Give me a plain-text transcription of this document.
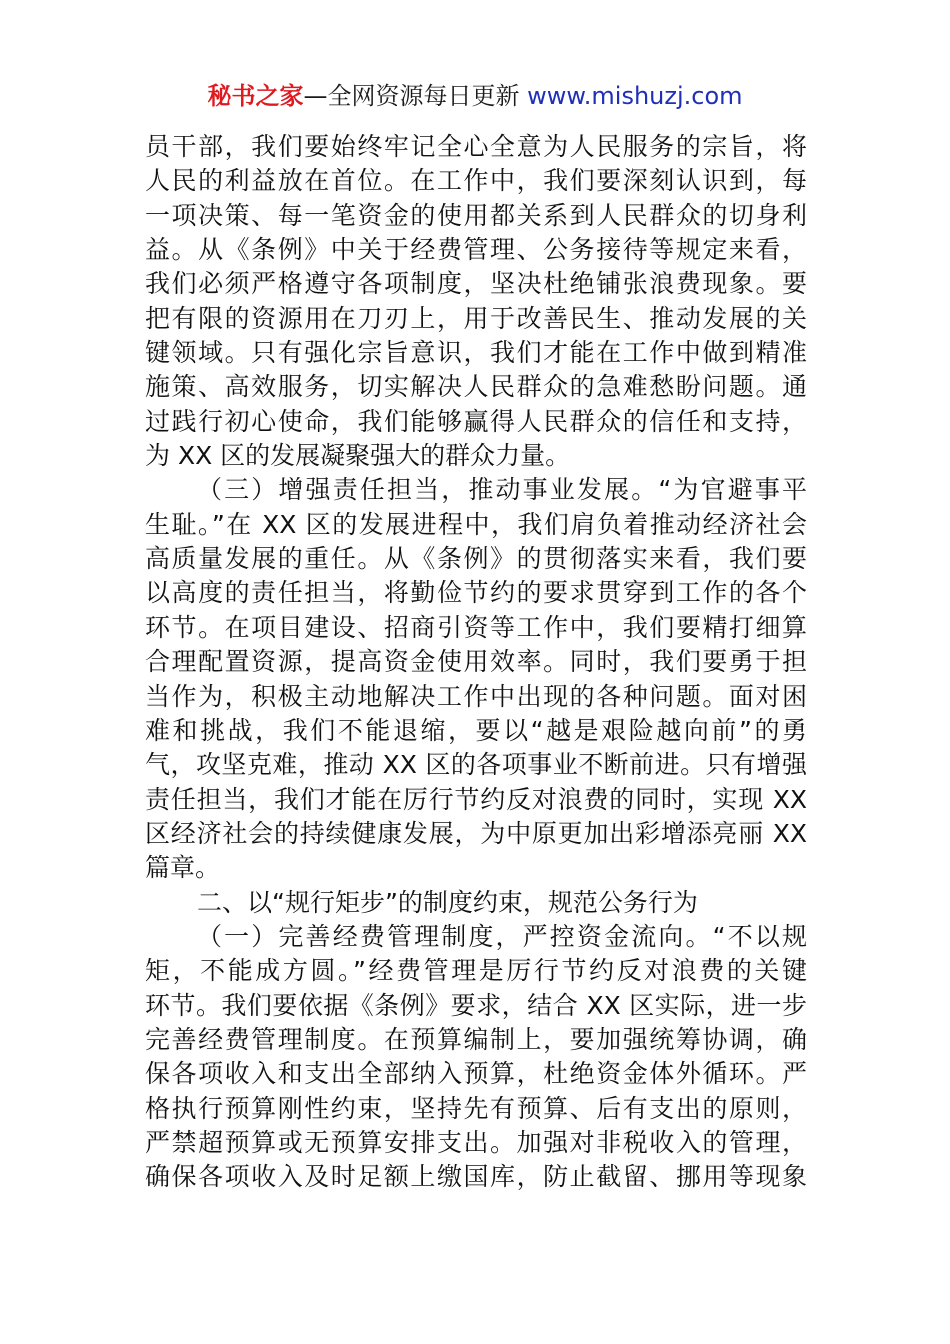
秘书之家—全网资源每日更新 www.mishuzj.com
员干部，我们要始终牢记全心全意为人民服务的宗旨，将
人民的利益放在首位。在工作中，我们要深刻认识到，每
一项决策、每一笔资金的使用都关系到人民群众的切身利
益。从《条例》中关于经费管理、公务接待等规定来看，
我们必须严格遵守各项制度，坚决杜绝铺张浪费现象。要
把有限的资源用在刀刃上，用于改善民生、推动发展的关
键领域。只有强化宗旨意识，我们才能在工作中做到精准
施策、高效服务，切实解决人民群众的急难愁盼问题。通
过践行初心使命，我们能够赢得人民群众的信任和支持，
为 XX 区的发展凝聚强大的群众力量。
（三）增强责任担当，推动事业发展。“为官避事平
生耻。”在 XX 区的发展进程中，我们肩负着推动经济社会
高质量发展的重任。从《条例》的贯彻落实来看，我们要
以高度的责任担当，将勤俭节约的要求贯穿到工作的各个
环节。在项目建设、招商引资等工作中，我们要精打细算
合理配置资源，提高资金使用效率。同时，我们要勇于担
当作为，积极主动地解决工作中出现的各种问题。面对困
难和挑战，我们不能退缩，要以“越是艰险越向前”的勇
气，攻坚克难，推动 XX 区的各项事业不断前进。只有增强
责任担当，我们才能在厉行节约反对浪费的同时，实现 XX
区经济社会的持续健康发展，为中原更加出彩增添亮丽 XX
篇章。
二、以“规行矩步”的制度约束，规范公务行为
（一）完善经费管理制度，严控资金流向。“不以规
矩，不能成方圆。”经费管理是厉行节约反对浪费的关键
环节。我们要依据《条例》要求，结合 XX 区实际，进一步
完善经费管理制度。在预算编制上，要加强统筹协调，确
保各项收入和支出全部纳入预算，杜绝资金体外循环。严
格执行预算刚性约束，坚持先有预算、后有支出的原则，
严禁超预算或无预算安排支出。加强对非税收入的管理，
确保各项收入及时足额上缴国库，防止截留、挪用等现象
